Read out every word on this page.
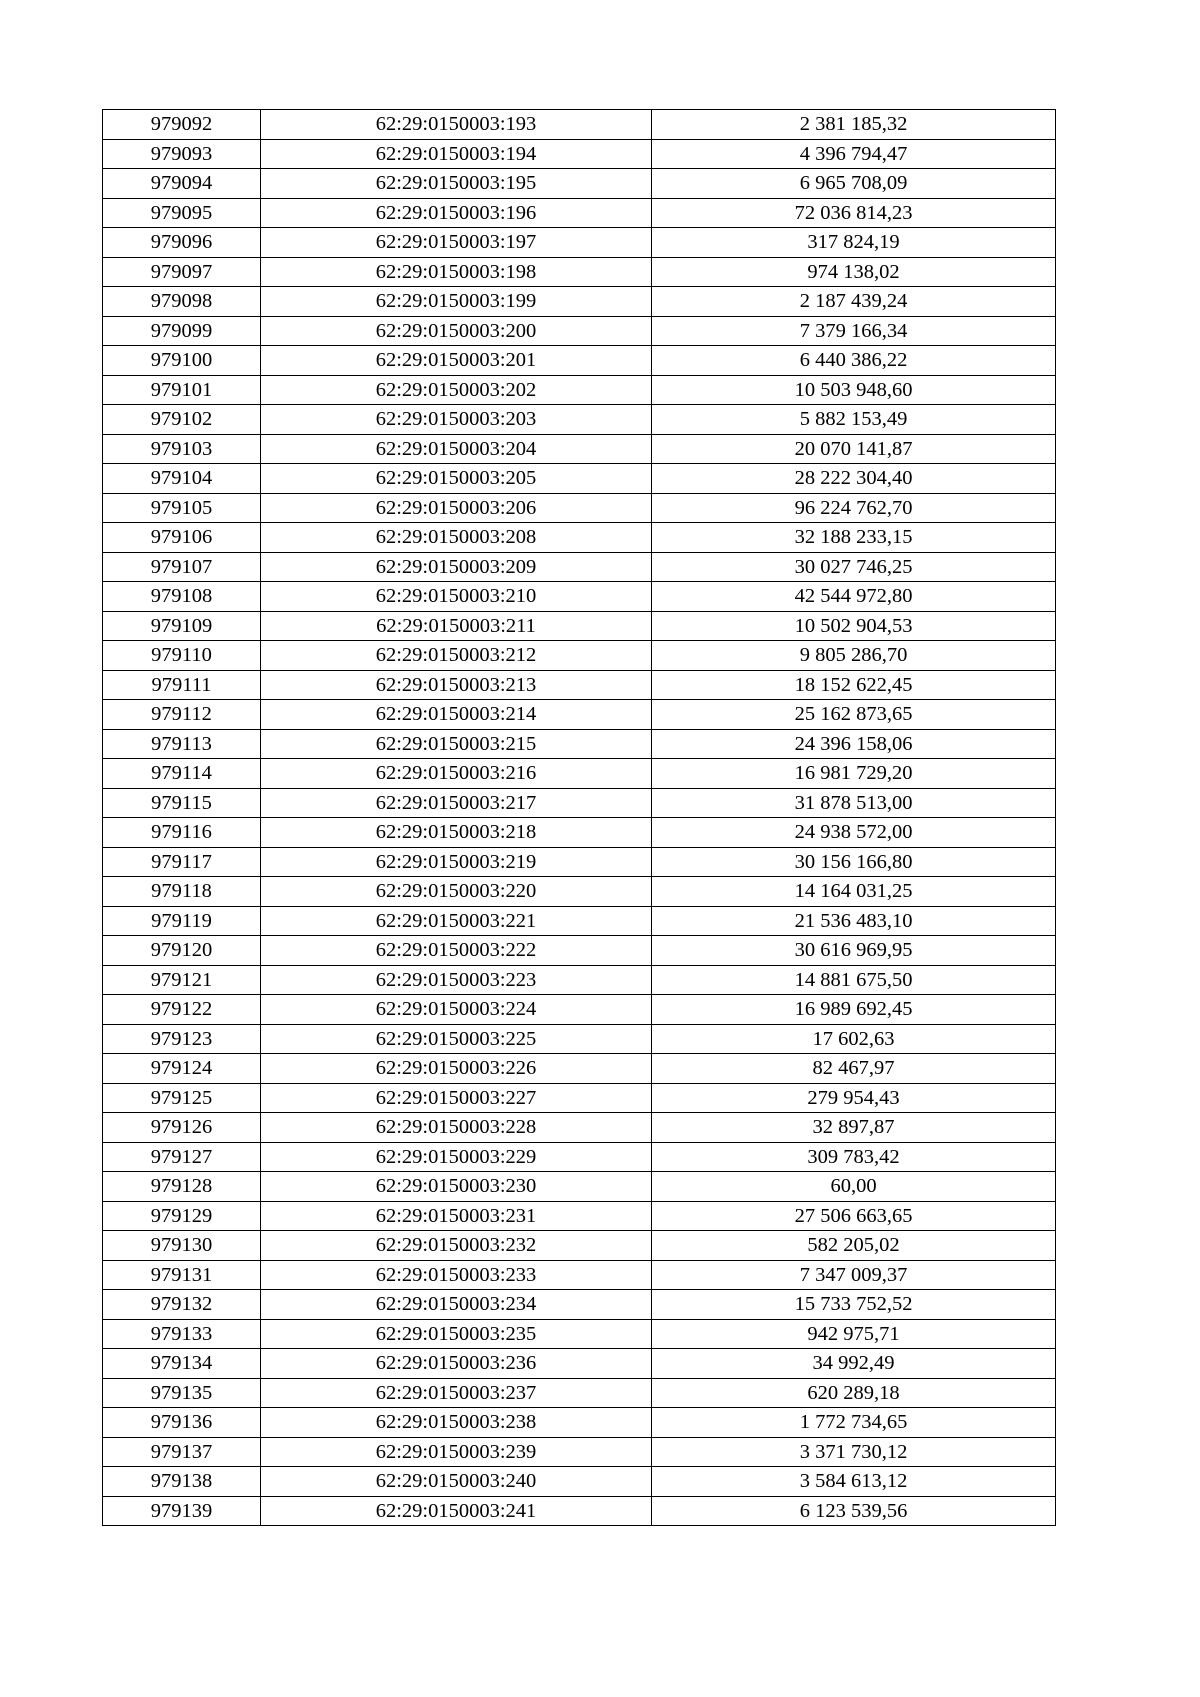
979092	62:29:0150003:193	2 381 185,32
979093	62:29:0150003:194	4 396 794,47
979094	62:29:0150003:195	6 965 708,09
979095	62:29:0150003:196	72 036 814,23
979096	62:29:0150003:197	317 824,19
979097	62:29:0150003:198	974 138,02
979098	62:29:0150003:199	2 187 439,24
979099	62:29:0150003:200	7 379 166,34
979100	62:29:0150003:201	6 440 386,22
979101	62:29:0150003:202	10 503 948,60
979102	62:29:0150003:203	5 882 153,49
979103	62:29:0150003:204	20 070 141,87
979104	62:29:0150003:205	28 222 304,40
979105	62:29:0150003:206	96 224 762,70
979106	62:29:0150003:208	32 188 233,15
979107	62:29:0150003:209	30 027 746,25
979108	62:29:0150003:210	42 544 972,80
979109	62:29:0150003:211	10 502 904,53
979110	62:29:0150003:212	9 805 286,70
979111	62:29:0150003:213	18 152 622,45
979112	62:29:0150003:214	25 162 873,65
979113	62:29:0150003:215	24 396 158,06
979114	62:29:0150003:216	16 981 729,20
979115	62:29:0150003:217	31 878 513,00
979116	62:29:0150003:218	24 938 572,00
979117	62:29:0150003:219	30 156 166,80
979118	62:29:0150003:220	14 164 031,25
979119	62:29:0150003:221	21 536 483,10
979120	62:29:0150003:222	30 616 969,95
979121	62:29:0150003:223	14 881 675,50
979122	62:29:0150003:224	16 989 692,45
979123	62:29:0150003:225	17 602,63
979124	62:29:0150003:226	82 467,97
979125	62:29:0150003:227	279 954,43
979126	62:29:0150003:228	32 897,87
979127	62:29:0150003:229	309 783,42
979128	62:29:0150003:230	60,00
979129	62:29:0150003:231	27 506 663,65
979130	62:29:0150003:232	582 205,02
979131	62:29:0150003:233	7 347 009,37
979132	62:29:0150003:234	15 733 752,52
979133	62:29:0150003:235	942 975,71
979134	62:29:0150003:236	34 992,49
979135	62:29:0150003:237	620 289,18
979136	62:29:0150003:238	1 772 734,65
979137	62:29:0150003:239	3 371 730,12
979138	62:29:0150003:240	3 584 613,12
979139	62:29:0150003:241	6 123 539,56
